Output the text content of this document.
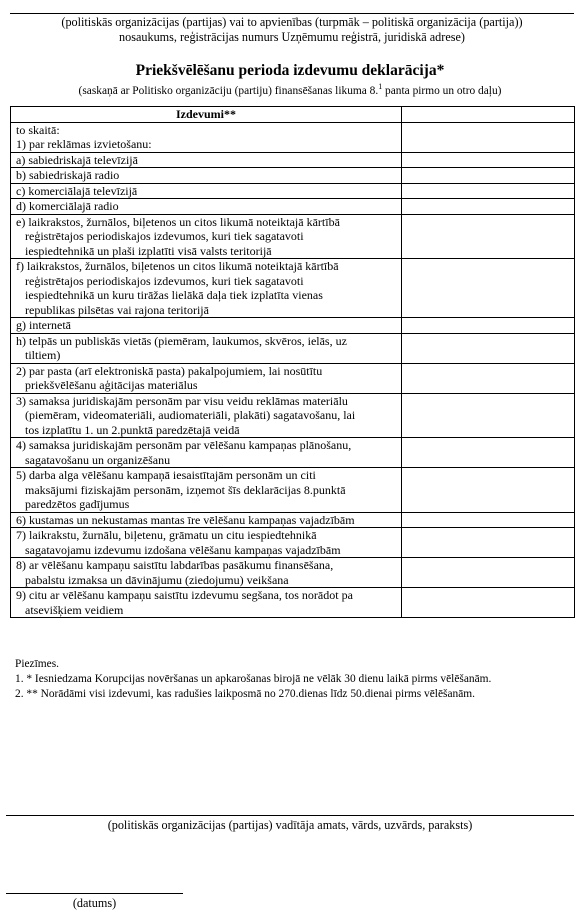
(politiskās organizācijas (partijas) vai to apvienības (turpmāk – politiskā organizācija (partija))
nosaukums, reģistrācijas numurs Uzņēmumu reģistrā, juridiskā adrese)
Priekšvēlēšanu perioda izdevumu deklarācija*
(saskaņā ar Politisko organizāciju (partiju) finansēšanas likuma 8.$^1$ panta pirmo un otro daļu)
Izdevumi**	

to skaitā:
1) par reklāmas izvietošanu:	

a) sabiedriskajā televīzijā	

b) sabiedriskajā radio	

c) komerciālajā televīzijā	

d) komerciālajā radio	

e) laikrakstos, žurnālos, biļetenos un citos likumā noteiktajā kārtībā
reģistrētajos periodiskajos izdevumos, kuri tiek sagatavoti
iespiedtehnikā un plaši izplatīti visā valsts teritorijā	

f) laikrakstos, žurnālos, biļetenos un citos likumā noteiktajā kārtībā
reģistrētajos periodiskajos izdevumos, kuri tiek sagatavoti
iespiedtehnikā un kuru tirāžas lielākā daļa tiek izplatīta vienas
republikas pilsētas vai rajona teritorijā	

g) internetā	

h) telpās un publiskās vietās (piemēram, laukumos, skvēros, ielās, uz
tiltiem)	

2) par pasta (arī elektroniskā pasta) pakalpojumiem, lai nosūtītu
priekšvēlēšanu aģitācijas materiālus	

3) samaksa juridiskajām personām par visu veidu reklāmas materiālu
(piemēram, videomateriāli, audiomateriāli, plakāti) sagatavošanu, lai
tos izplatītu 1. un 2.punktā paredzētajā veidā	

4) samaksa juridiskajām personām par vēlēšanu kampaņas plānošanu,
sagatavošanu un organizēšanu	

5) darba alga vēlēšanu kampaņā iesaistītajām personām un citi
maksājumi fiziskajām personām, izņemot šīs deklarācijas 8.punktā
paredzētos gadījumus	

6) kustamas un nekustamas mantas īre vēlēšanu kampaņas vajadzībām	

7) laikrakstu, žurnālu, biļetenu, grāmatu un citu iespiedtehnikā
sagatavojamu izdevumu izdošana vēlēšanu kampaņas vajadzībām	

8) ar vēlēšanu kampaņu saistītu labdarības pasākumu finansēšana,
pabalstu izmaksa un dāvinājumu (ziedojumu) veikšana	

9) citu ar vēlēšanu kampaņu saistītu izdevumu segšana, tos norādot pa
atsevišķiem veidiem	

Piezīmes.
1. * Iesniedzama Korupcijas novēršanas un apkarošanas birojā ne vēlāk 30 dienu laikā pirms vēlēšanām.
2. ** Norādāmi visi izdevumi, kas radušies laikposmā no 270.dienas līdz 50.dienai pirms vēlēšanām.
(politiskās organizācijas (partijas) vadītāja amats, vārds, uzvārds, paraksts)
(datums)
